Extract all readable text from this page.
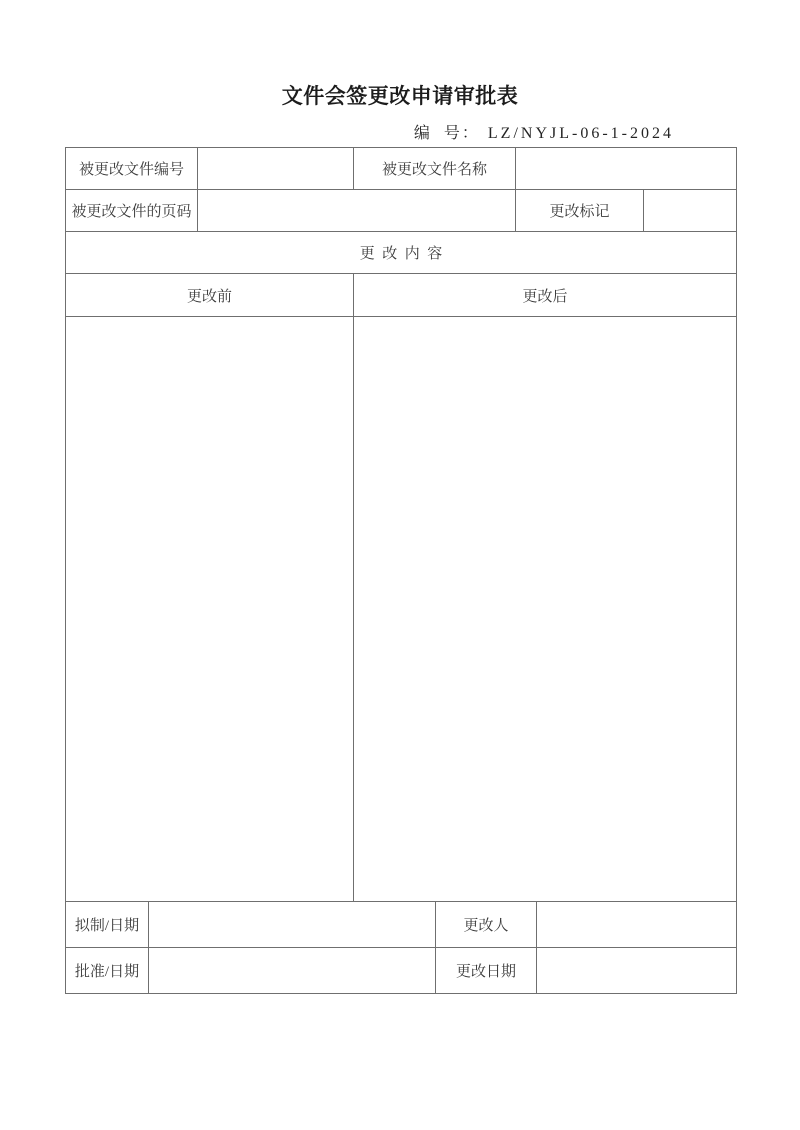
文件会签更改申请审批表
编  号： LZ/NYJL-06-1-2024
被更改文件编号			被更改文件名称				
被更改文件的页码					更改标记		
更  改  内  容							
更改前			更改后				

拟制/日期				更改人			
批准/日期				更改日期			
